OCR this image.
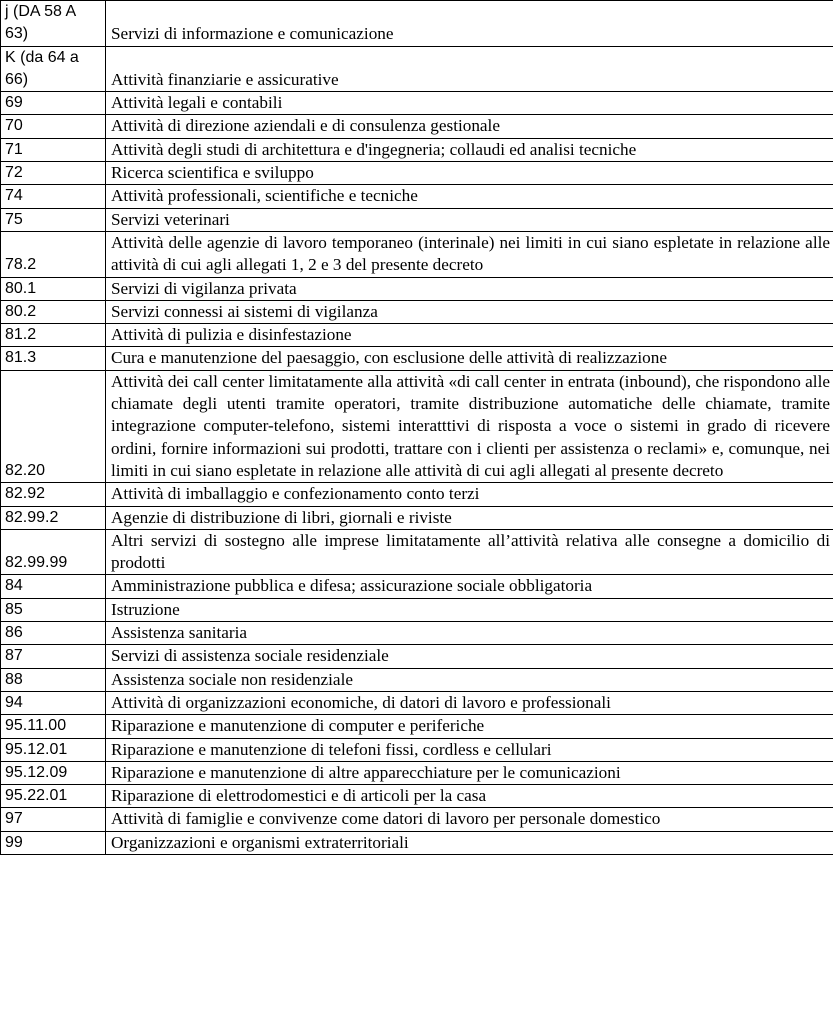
j (DA 58 A 63)	Servizi di informazione e comunicazione
K (da 64 a 66)	Attività finanziarie e assicurative
69	Attività legali e contabili
70	Attività di direzione aziendali e di consulenza gestionale
71	Attività degli studi di architettura e d'ingegneria; collaudi ed analisi tecniche
72	Ricerca scientifica e sviluppo
74	Attività professionali, scientifiche e tecniche
75	Servizi veterinari
78.2	Attività delle agenzie di lavoro temporaneo (interinale) nei limiti in cui siano espletate in relazione alle attività di cui agli allegati 1, 2 e 3 del presente decreto
80.1	Servizi di vigilanza privata
80.2	Servizi connessi ai sistemi di vigilanza
81.2	Attività di pulizia e disinfestazione
81.3	Cura e manutenzione del paesaggio, con esclusione delle attività di realizzazione
82.20	Attività dei call center limitatamente alla attività «di call center in entrata (inbound), che rispondono alle chiamate degli utenti tramite operatori, tramite distribuzione automatiche delle chiamate, tramite integrazione computer-telefono, sistemi interatttivi di risposta a voce o sistemi in grado di ricevere ordini, fornire informazioni sui prodotti, trattare con i clienti per assistenza o reclami» e, comunque, nei limiti in cui siano espletate in relazione alle attività di cui agli allegati al presente decreto
82.92	Attività di imballaggio e confezionamento conto terzi
82.99.2	Agenzie di distribuzione di libri, giornali e riviste
82.99.99	Altri servizi di sostegno alle imprese limitatamente all’attività relativa alle consegne a domicilio di prodotti
84	Amministrazione pubblica e difesa; assicurazione sociale obbligatoria
85	Istruzione
86	Assistenza sanitaria
87	Servizi di assistenza sociale residenziale
88	Assistenza sociale non residenziale
94	Attività di organizzazioni economiche, di datori di lavoro e professionali
95.11.00	Riparazione e manutenzione di computer e periferiche
95.12.01	Riparazione e manutenzione di telefoni fissi, cordless e cellulari
95.12.09	Riparazione e manutenzione di altre apparecchiature per le comunicazioni
95.22.01	Riparazione di elettrodomestici e di articoli per la casa
97	Attività di famiglie e convivenze come datori di lavoro per personale domestico
99	Organizzazioni e organismi extraterritoriali
